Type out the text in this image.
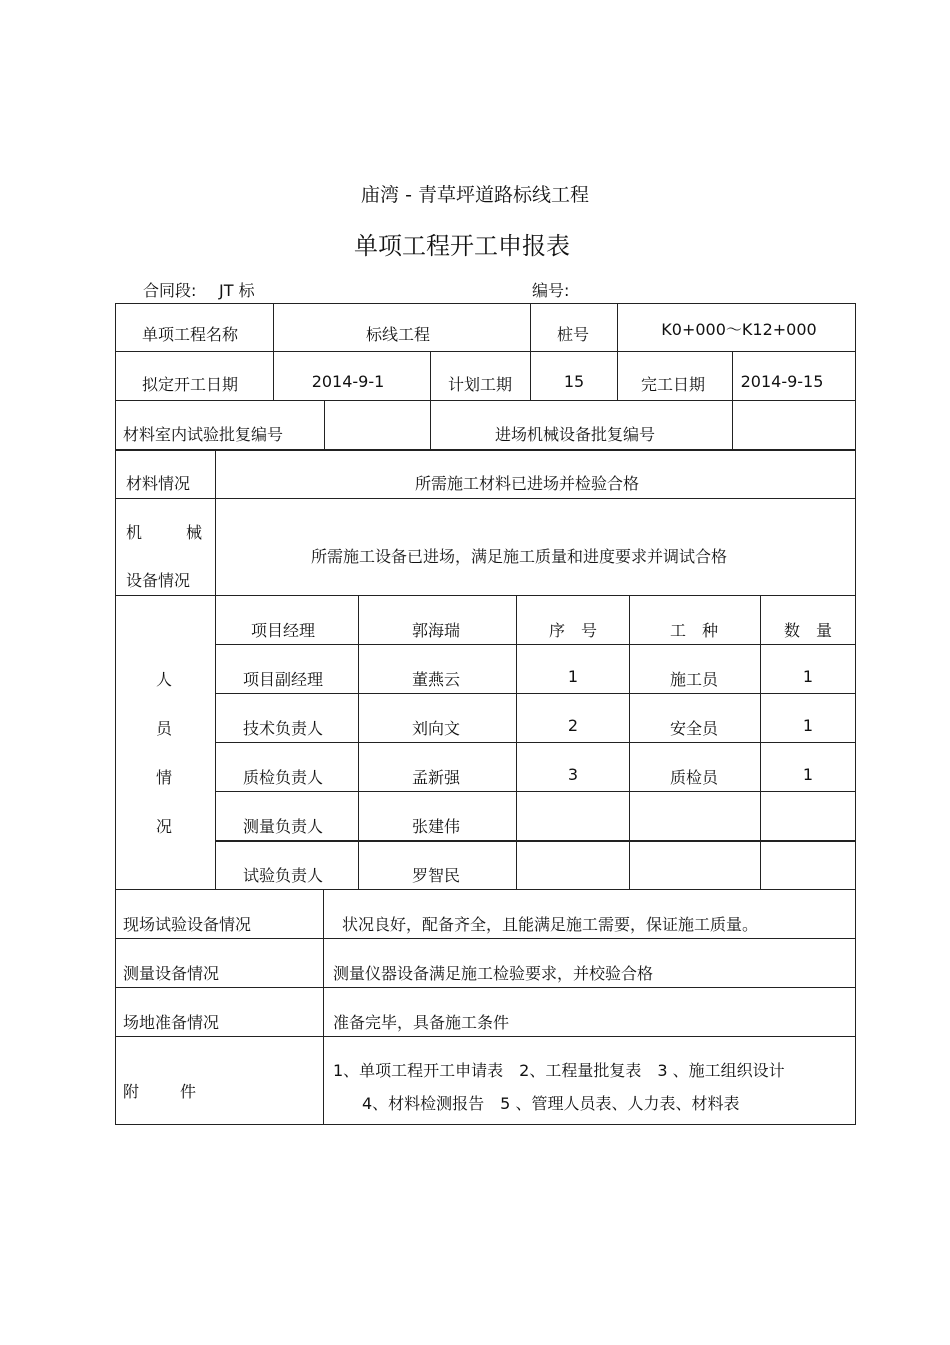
庙湾 - 青草坪道路标线工程
单项工程开工申报表
合同段: JT 标	编号:
单项工程名称	标线工程	桩号	K0+000～K12+000
拟定开工日期	2014-9-1	计划工期	15	完工日期 2014-9-15
材料室内试验批复编号	进场机械设备批复编号
材料情况	所需施工材料已进场并检验合格
机	械
设备情况
所需施工设备已进场，满足施工质量和进度要求并调试合格
人
员
情
况
项目经理	郭海瑞	序　号	工　种	数　量
项目副经理	董燕云	1	施工员	1
技术负责人	刘向文	2	安全员	1
质检负责人	孟新强	3	质检员	1
测量负责人	张建伟
试验负责人	罗智民
现场试验设备情况	状况良好，配备齐全，且能满足施工需要，保证施工质量。
测量设备情况	测量仪器设备满足施工检验要求，并校验合格
场地准备情况	准备完毕，具备施工条件
附	件
1、单项工程开工申请表　2、工程量批复表　3 、施工组织设计
4、材料检测报告　5 、管理人员表、人力表、材料表
